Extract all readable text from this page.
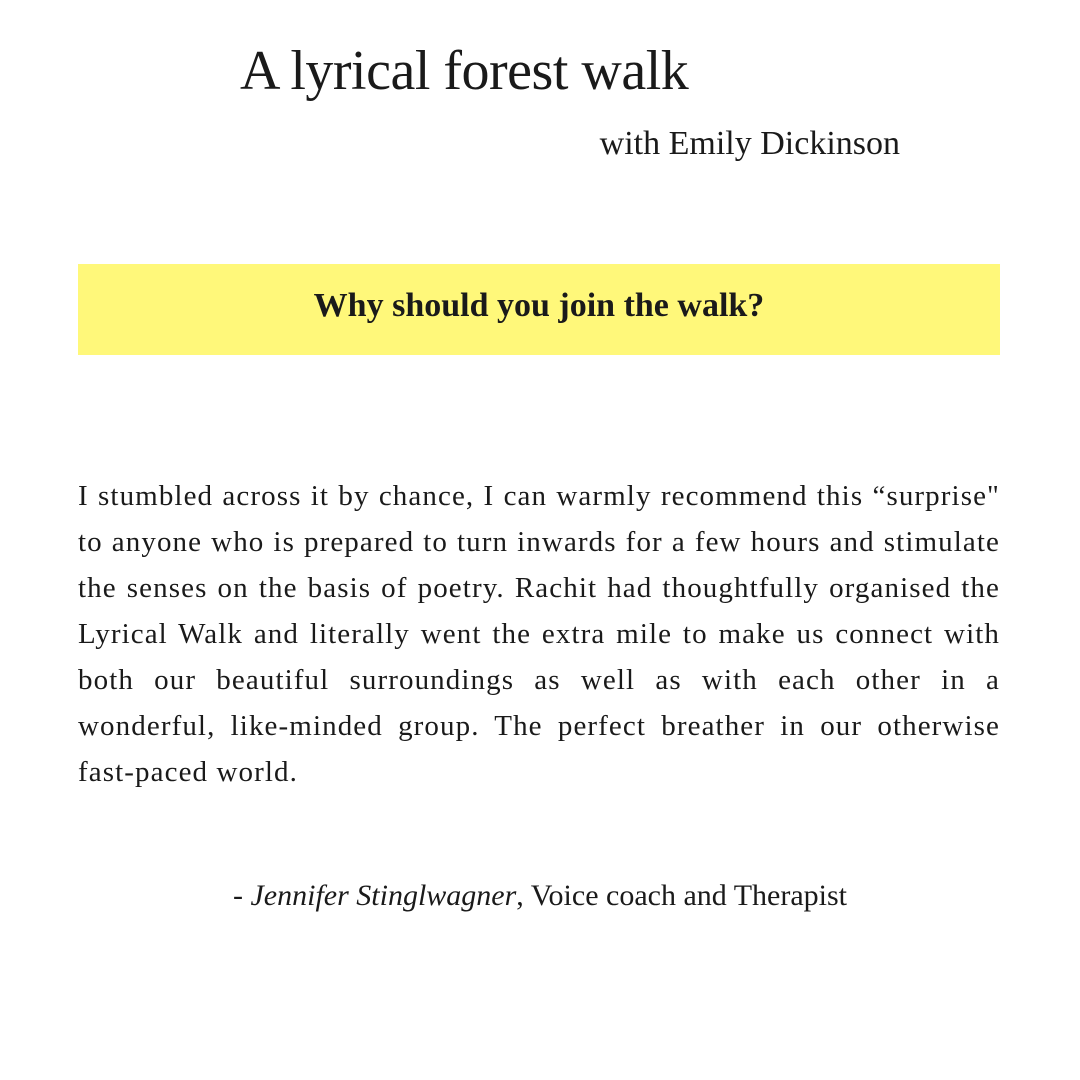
A lyrical forest walk
with Emily Dickinson
Why should you join the walk?

I stumbled across it by chance, I can warmly recommend this “surprise" to anyone who is prepared to turn inwards for a few hours and stimulate the senses on the basis of poetry. Rachit had thoughtfully organised the Lyrical Walk and literally went the extra mile to make us connect with both our beautiful surroundings as well as with each other in a wonderful, like-minded group. The perfect breather in our otherwise fast-paced world.

- Jennifer Stinglwagner, Voice coach and Therapist
